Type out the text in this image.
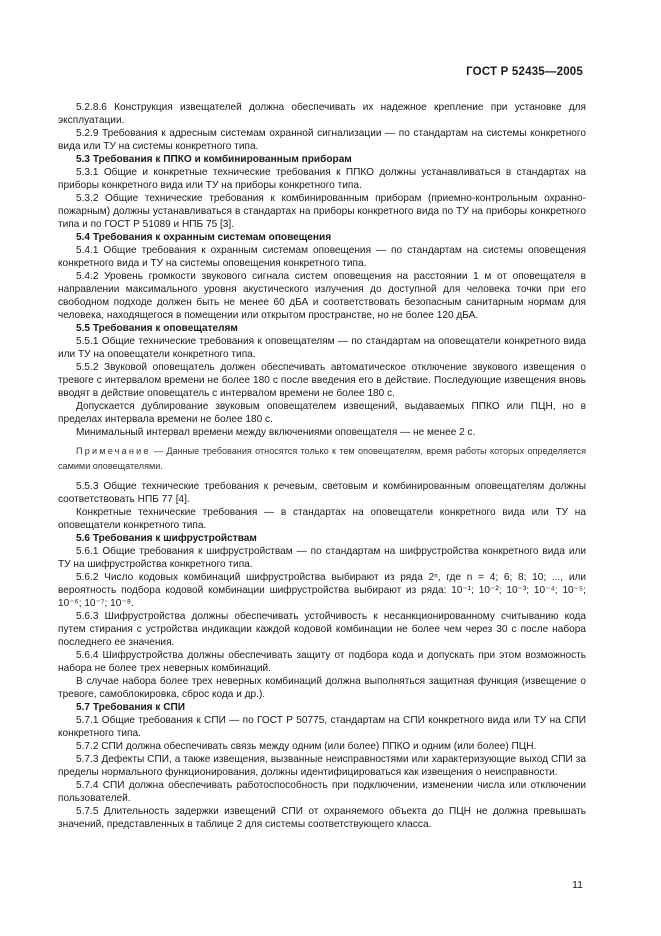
ГОСТ Р 52435—2005

5.2.8.6 Конструкция извещателей должна обеспечивать их надежное крепление при установке для эксплуатации.

5.2.9 Требования к адресным системам охранной сигнализации — по стандартам на системы конкретного вида или ТУ на системы конкретного типа.

5.3 Требования к ППКО и комбинированным приборам

5.3.1 Общие и конкретные технические требования к ППКО должны устанавливаться в стандартах на приборы конкретного вида или ТУ на приборы конкретного типа.

5.3.2 Общие технические требования к комбинированным приборам (приемно-контрольным охранно-пожарным) должны устанавливаться в стандартах на приборы конкретного вида по ТУ на приборы конкретного типа и по ГОСТ Р 51089 и НПБ 75 [3].

5.4 Требования к охранным системам оповещения

5.4.1 Общие требования к охранным системам оповещения — по стандартам на системы оповещения конкретного вида и ТУ на системы оповещения конкретного типа.

5.4.2 Уровень громкости звукового сигнала систем оповещения на расстоянии 1 м от оповещателя в направлении максимального уровня акустического излучения до доступной для человека точки при его свободном подходе должен быть не менее 60 дБА и соответствовать безопасным санитарным нормам для человека, находящегося в помещении или открытом пространстве, но не более 120 дБА.

5.5 Требования к оповещателям

5.5.1 Общие технические требования к оповещателям — по стандартам на оповещатели конкретного вида или ТУ на оповещатели конкретного типа.

5.5.2 Звуковой оповещатель должен обеспечивать автоматическое отключение звукового извещения о тревоге с интервалом времени не более 180 с после введения его в действие. Последующие извещения вновь вводят в действие оповещатель с интервалом времени не более 180 с.

Допускается дублирование звуковым оповещателем извещений, выдаваемых ППКО или ПЦН, но в пределах интервала времени не более 180 с.

Минимальный интервал времени между включениями оповещателя — не менее 2 с.

Примечание — Данные требования относятся только к тем оповещателям, время работы которых определяется самими оповещателями.

5.5.3 Общие технические требования к речевым, световым и комбинированным оповещателям должны соответствовать НПБ 77 [4].

Конкретные технические требования — в стандартах на оповещатели конкретного вида или ТУ на оповещатели конкретного типа.

5.6 Требования к шифрустройствам

5.6.1 Общие требования к шифрустройствам — по стандартам на шифрустройства конкретного вида или ТУ на шифрустройства конкретного типа.

5.6.2 Число кодовых комбинаций шифрустройства выбирают из ряда 2ⁿ, где n = 4; 6; 8; 10; ..., или вероятность подбора кодовой комбинации шифрустройства выбирают из ряда: 10⁻¹; 10⁻²; 10⁻³; 10⁻⁴; 10⁻⁵; 10⁻⁶; 10⁻⁷; 10⁻⁸.

5.6.3 Шифрустройства должны обеспечивать устойчивость к несанкционированному считыванию кода путем стирания с устройства индикации каждой кодовой комбинации не более чем через 30 с после набора последнего ее значения.

5.6.4 Шифрустройства должны обеспечивать защиту от подбора кода и допускать при этом возможность набора не более трех неверных комбинаций.

В случае набора более трех неверных комбинаций должна выполняться защитная функция (извещение о тревоге, самоблокировка, сброс кода и др.).

5.7 Требования к СПИ

5.7.1 Общие требования к СПИ — по ГОСТ Р 50775, стандартам на СПИ конкретного вида или ТУ на СПИ конкретного типа.

5.7.2 СПИ должна обеспечивать связь между одним (или более) ППКО и одним (или более) ПЦН.

5.7.3 Дефекты СПИ, а также извещения, вызванные неисправностями или характеризующие выход СПИ за пределы нормального функционирования, должны идентифицироваться как извещения о неисправности.

5.7.4 СПИ должна обеспечивать работоспособность при подключении, изменении числа или отключении пользователей.

5.7.5 Длительность задержки извещений СПИ от охраняемого объекта до ПЦН не должна превышать значений, представленных в таблице 2 для системы соответствующего класса.

11
